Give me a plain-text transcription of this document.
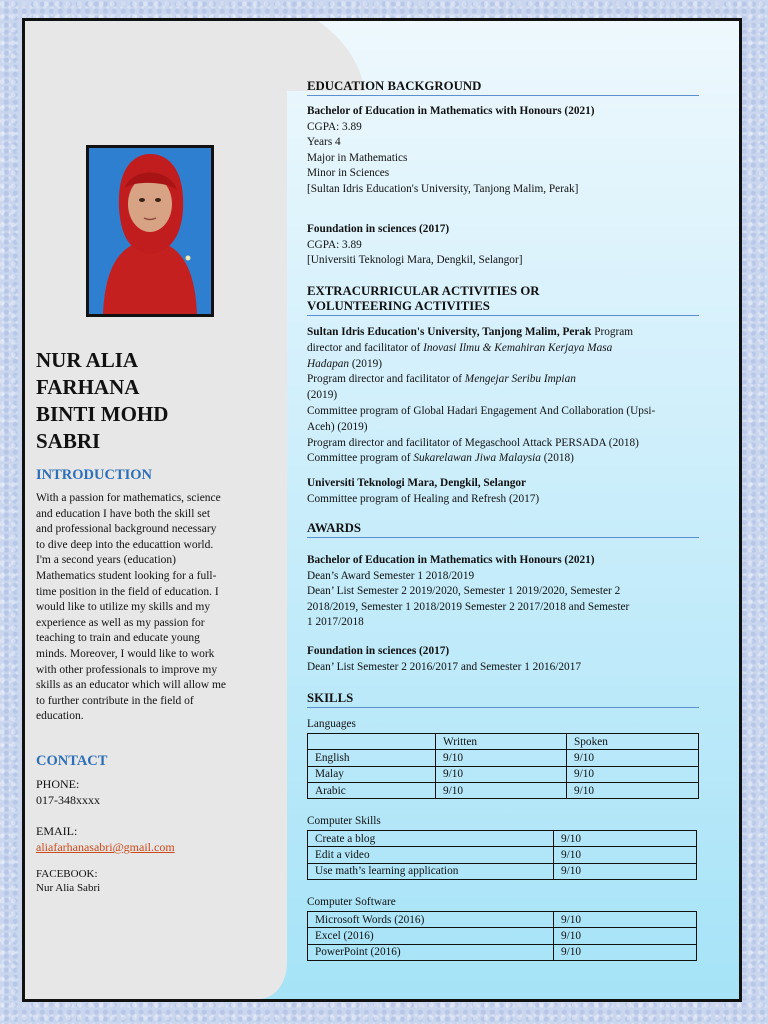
NUR ALIA
FARHANA
BINTI MOHD
SABRI
INTRODUCTION
With a passion for mathematics, science
and education I have both the skill set
and professional background necessary
to dive deep into the educattion world.
I'm a second years (education)
Mathematics student looking for a full-
time position in the field of education. I
would like to utilize my skills and my
experience as well as my passion for
teaching to train and educate young
minds. Moreover, I would like to work
with other professionals to improve my
skills as an educator which will allow me
to further contribute in the field of
education.
CONTACT
PHONE:
017-348xxxx
EMAIL:
aliafarhanasabri@gmail.com
FACEBOOK:
Nur Alia Sabri
EDUCATION BACKGROUND
Bachelor of Education in Mathematics with Honours (2021)
CGPA: 3.89
Years 4
Major in Mathematics
Minor in Sciences
[Sultan Idris Education's University, Tanjong Malim, Perak]
Foundation in sciences (2017)
CGPA: 3.89
[Universiti Teknologi Mara, Dengkil, Selangor]
EXTRACURRICULAR ACTIVITIES OR
VOLUNTEERING ACTIVITIES
Sultan Idris Education's University, Tanjong Malim, Perak Program
director and facilitator of Inovasi Ilmu & Kemahiran Kerjaya Masa
Hadapan (2019)
Program director and facilitator of Mengejar Seribu Impian
(2019)
Committee program of Global Hadari Engagement And Collaboration (Upsi-
Aceh) (2019)
Program director and facilitator of Megaschool Attack PERSADA (2018)
Committee program of Sukarelawan Jiwa Malaysia (2018)
Universiti Teknologi Mara, Dengkil, Selangor
Committee program of Healing and Refresh (2017)
AWARDS
Bachelor of Education in Mathematics with Honours (2021)
Dean’s Award Semester 1 2018/2019
Dean’ List Semester 2 2019/2020, Semester 1 2019/2020, Semester 2
2018/2019, Semester 1 2018/2019 Semester 2 2017/2018 and Semester
1 2017/2018
Foundation in sciences (2017)
Dean’ List Semester 2 2016/2017 and Semester 1 2016/2017
SKILLS
Languages
	Written	Spoken
English	9/10	9/10
Malay	9/10	9/10
Arabic	9/10	9/10
Computer Skills
Create a blog	9/10
Edit a video	9/10
Use math’s learning application	9/10
Computer Software
Microsoft Words (2016)	9/10
Excel (2016)	9/10
PowerPoint (2016)	9/10
